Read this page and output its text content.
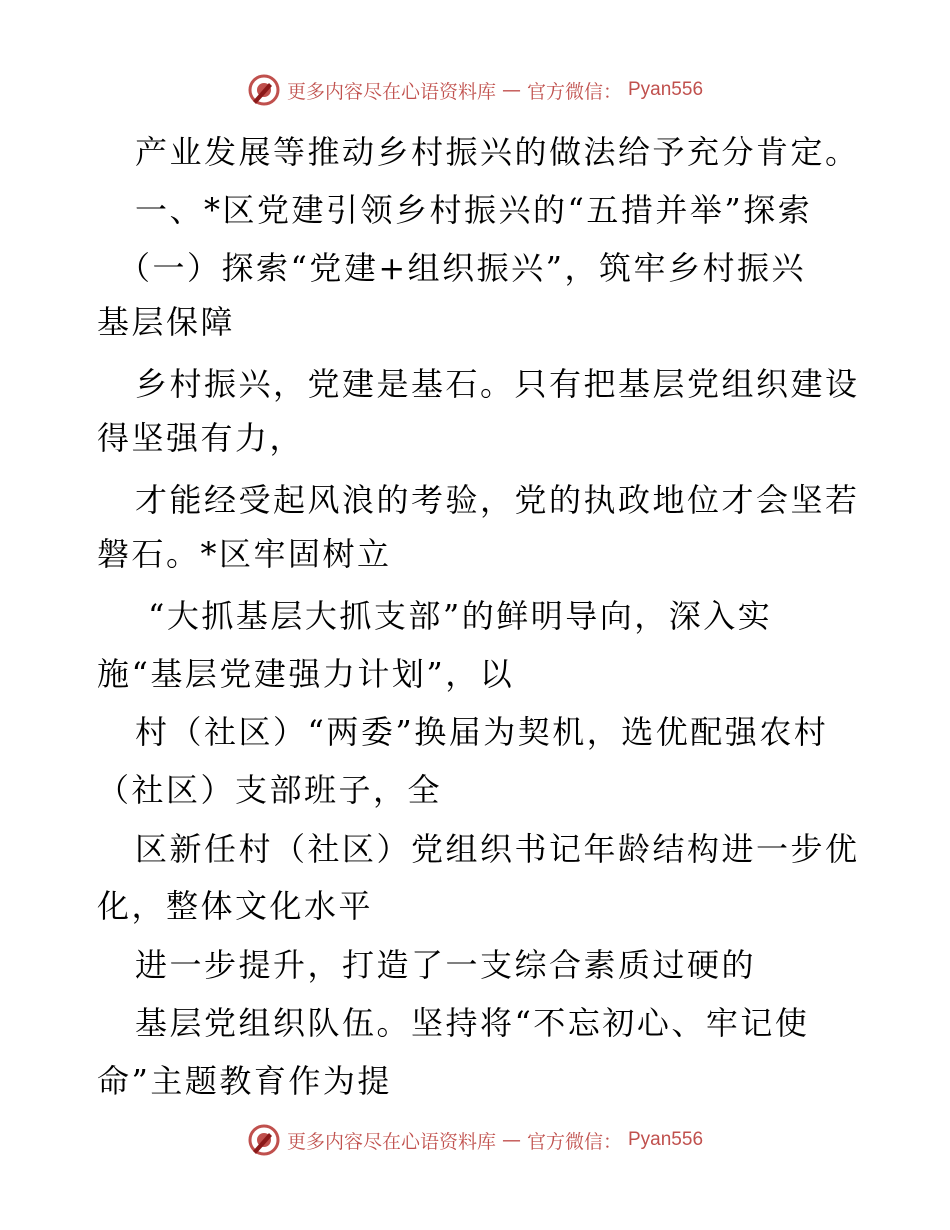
更多内容尽在心语资料库 — 官方微信： Pyan556
产业发展等推动乡村振兴的做法给予充分肯定。
一、*区党建引领乡村振兴的“五措并举”探索
（一）探索“党建+组织振兴”，筑牢乡村振兴
基层保障
乡村振兴，党建是基石。只有把基层党组织建设
得坚强有力，
才能经受起风浪的考验，党的执政地位才会坚若
磐石。*区牢固树立
“大抓基层大抓支部”的鲜明导向，深入实
施“基层党建强力计划”，以
村（社区）“两委”换届为契机，选优配强农村
（社区）支部班子，全
区新任村（社区）党组织书记年龄结构进一步优
化，整体文化水平
进一步提升，打造了一支综合素质过硬的
基层党组织队伍。坚持将“不忘初心、牢记使
命”主题教育作为提
更多内容尽在心语资料库 — 官方微信： Pyan556
